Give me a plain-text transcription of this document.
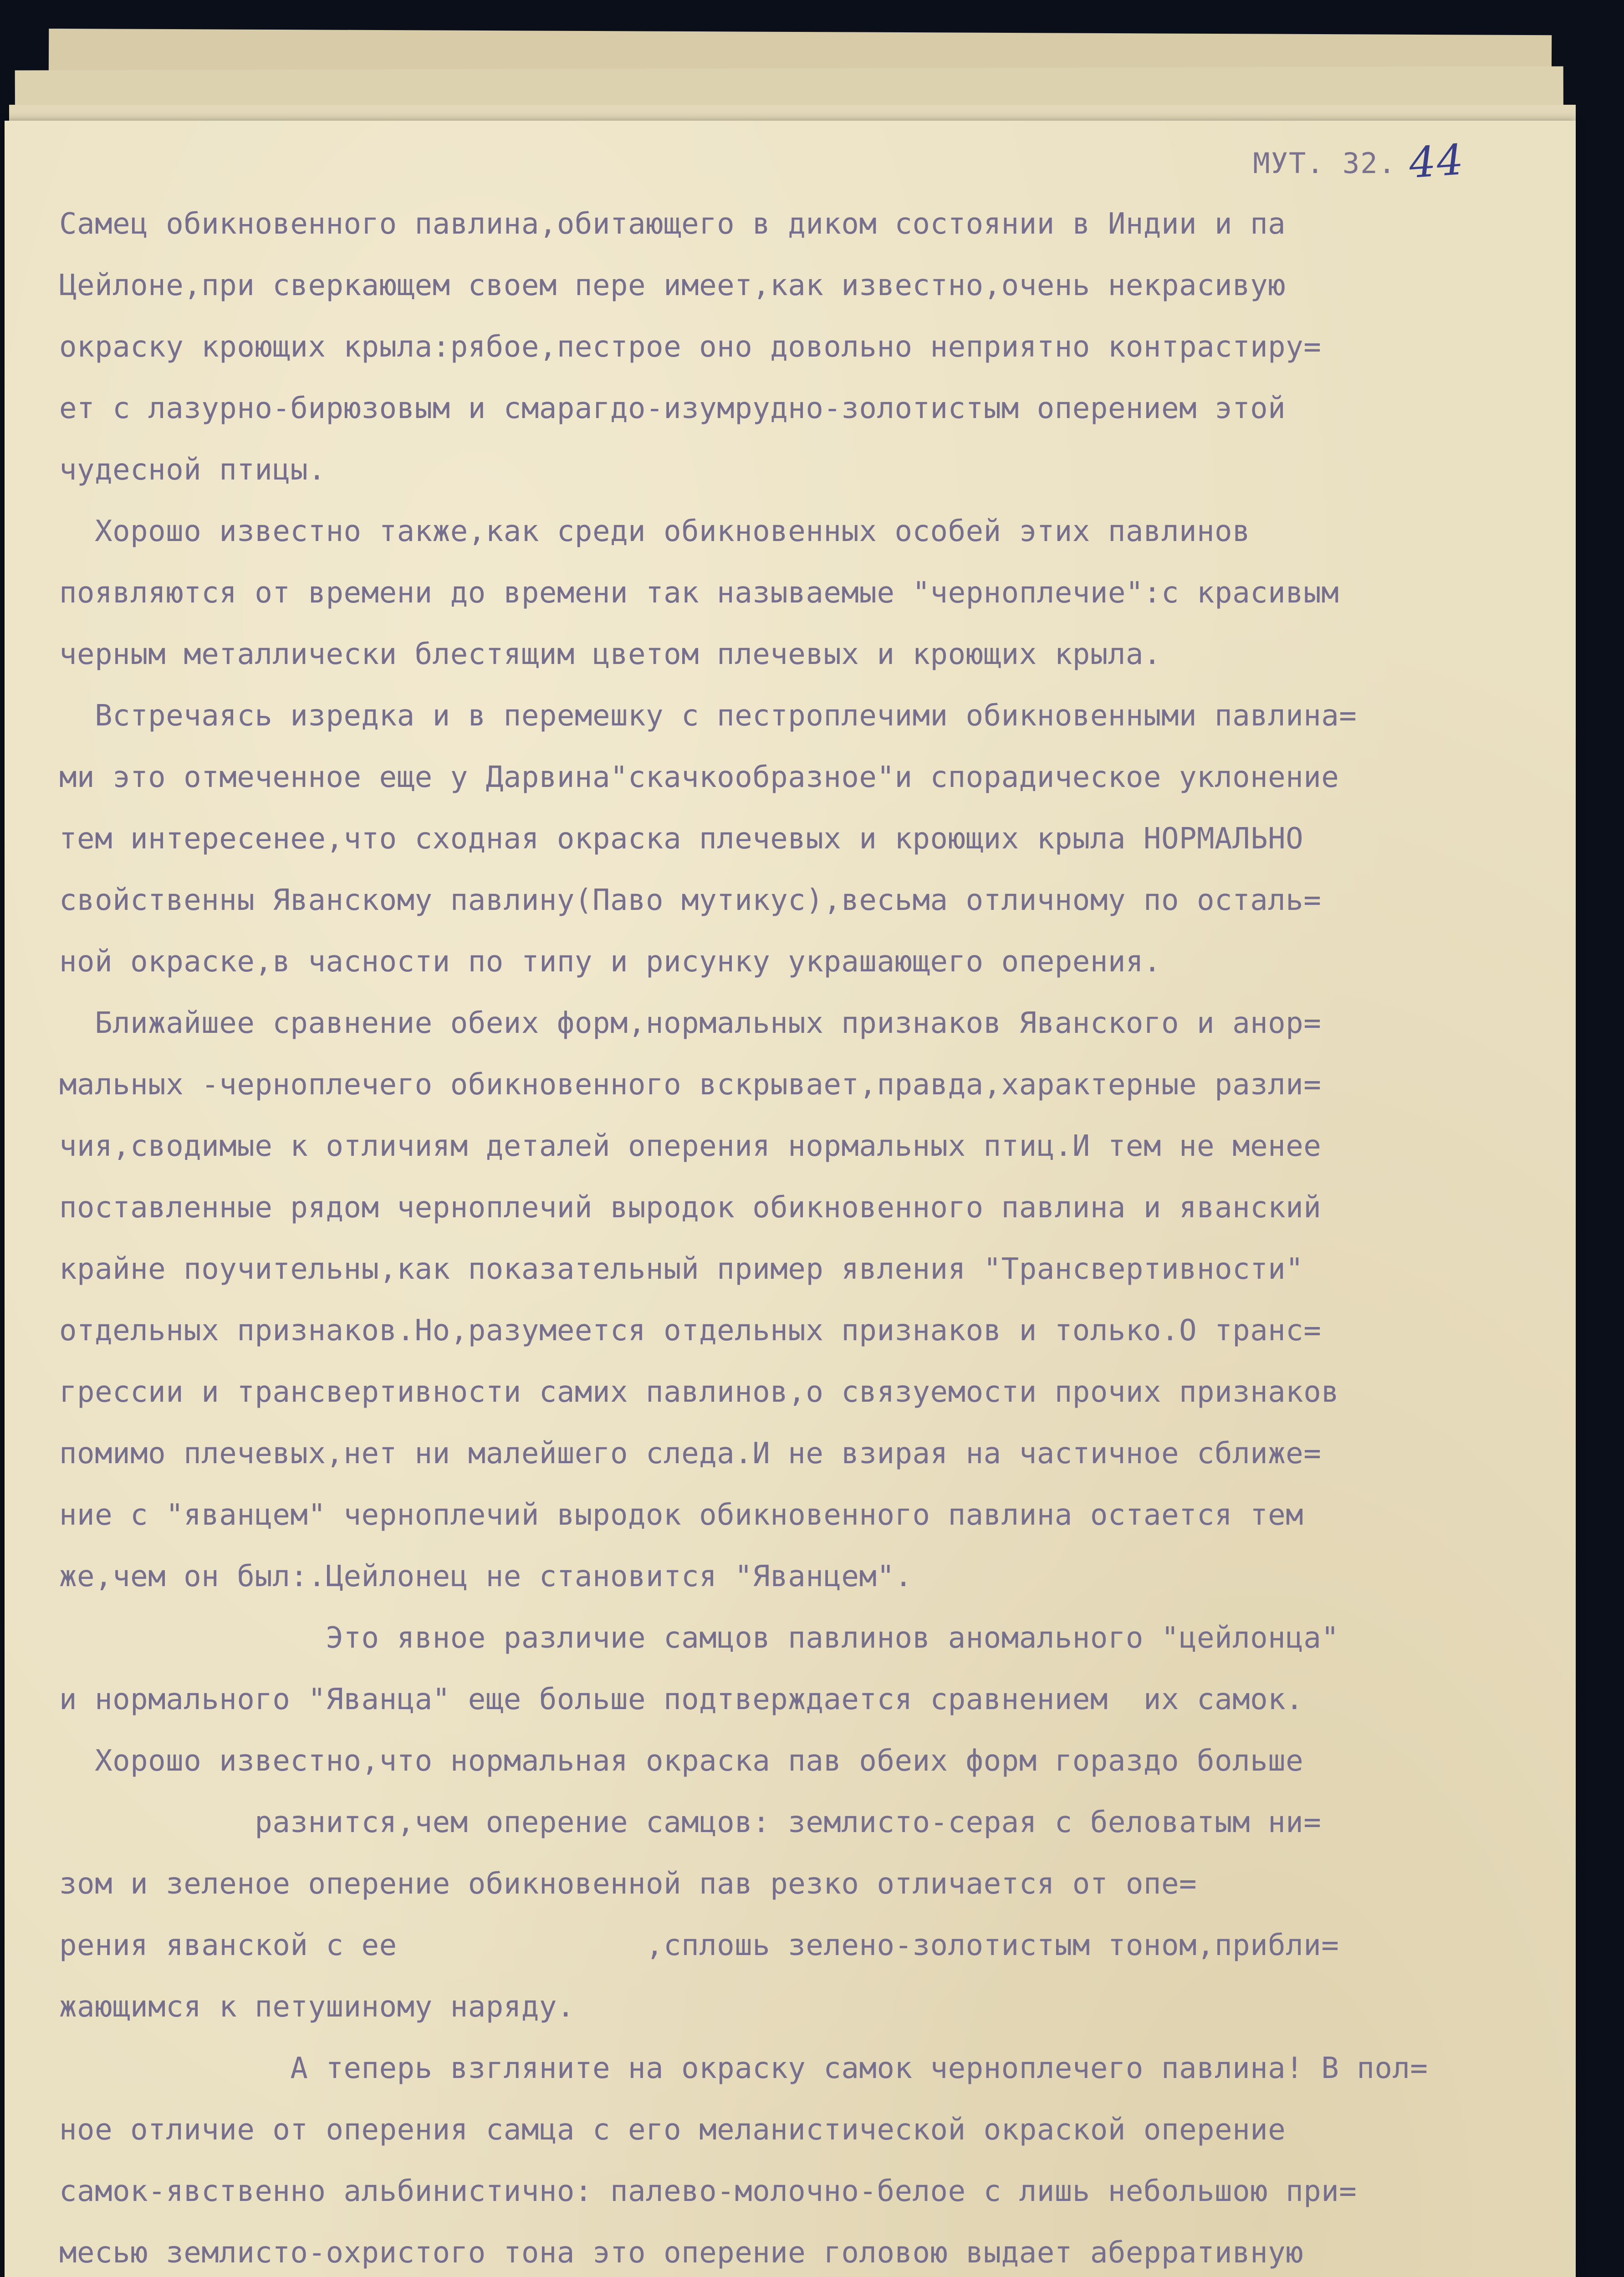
МУТ. 32. 44
Самец обикновенного павлина,обитающего в диком состоянии в Индии и па
Цейлоне,при сверкающем своем пере имеет,как известно,очень некрасивую
окраску кроющих крыла:рябое,пестрое оно довольно неприятно контрастиру=
ет с лазурно-бирюзовым и смарагдо-изумрудно-золотистым оперением этой
чудесной птицы.
Хорошо известно также,как среди обикновенных особей этих павлинов
появляются от времени до времени так называемые "черноплечие":с красивым
черным металлически блестящим цветом плечевых и кроющих крыла.
Встречаясь изредка и в перемешку с пестроплечими обикновенными павлина=
ми это отмеченное еще у Дарвина"скачкообразное"и спорадическое уклонение
тем интересенее,что сходная окраска плечевых и кроющих крыла НОРМАЛЬНО
свойственны Яванскому павлину(Паво мутикус),весьма отличному по осталь=
ной окраске,в часности по типу и рисунку украшающего оперения.
Ближайшее сравнение обеих форм,нормальных признаков Яванского и анор=
мальных -черноплечего обикновенного вскрывает,правда,характерные разли=
чия,сводимые к отличиям деталей оперения нормальных птиц.И тем не менее
поставленные рядом черноплечий выродок обикновенного павлина и яванский
крайне поучительны,как показательный пример явления "Трансвертивности"
отдельных признаков.Но,разумеется отдельных признаков и только.О транс=
грессии и трансвертивности самих павлинов,о связуемости прочих признаков
помимо плечевых,нет ни малейшего следа.И не взирая на частичное сближе=
ние с "яванцем" черноплечий выродок обикновенного павлина остается тем
же,чем он был:.Цейлонец не становится "Яванцем".
Это явное различие самцов павлинов аномального "цейлонца"
и нормального "Яванца" еще больше подтверждается сравнением  их самок.
Хорошо известно,что нормальная окраска пав обеих форм гораздо больше
разнится,чем оперение самцов: землисто-серая с беловатым ни=
зом и зеленое оперение обикновенной пав резко отличается от опе=
рения яванской с ее              ,сплошь зелено-золотистым тоном,прибли=
жающимся к петушиному наряду.
А теперь взгляните на окраску самок черноплечего павлина! В пол=
ное отличие от оперения самца с его меланистической окраской оперение
самок-явственно альбинистично: палево-молочно-белое с лишь небольшою при=
месью землисто-охристого тона это оперение головою выдает аберративную
